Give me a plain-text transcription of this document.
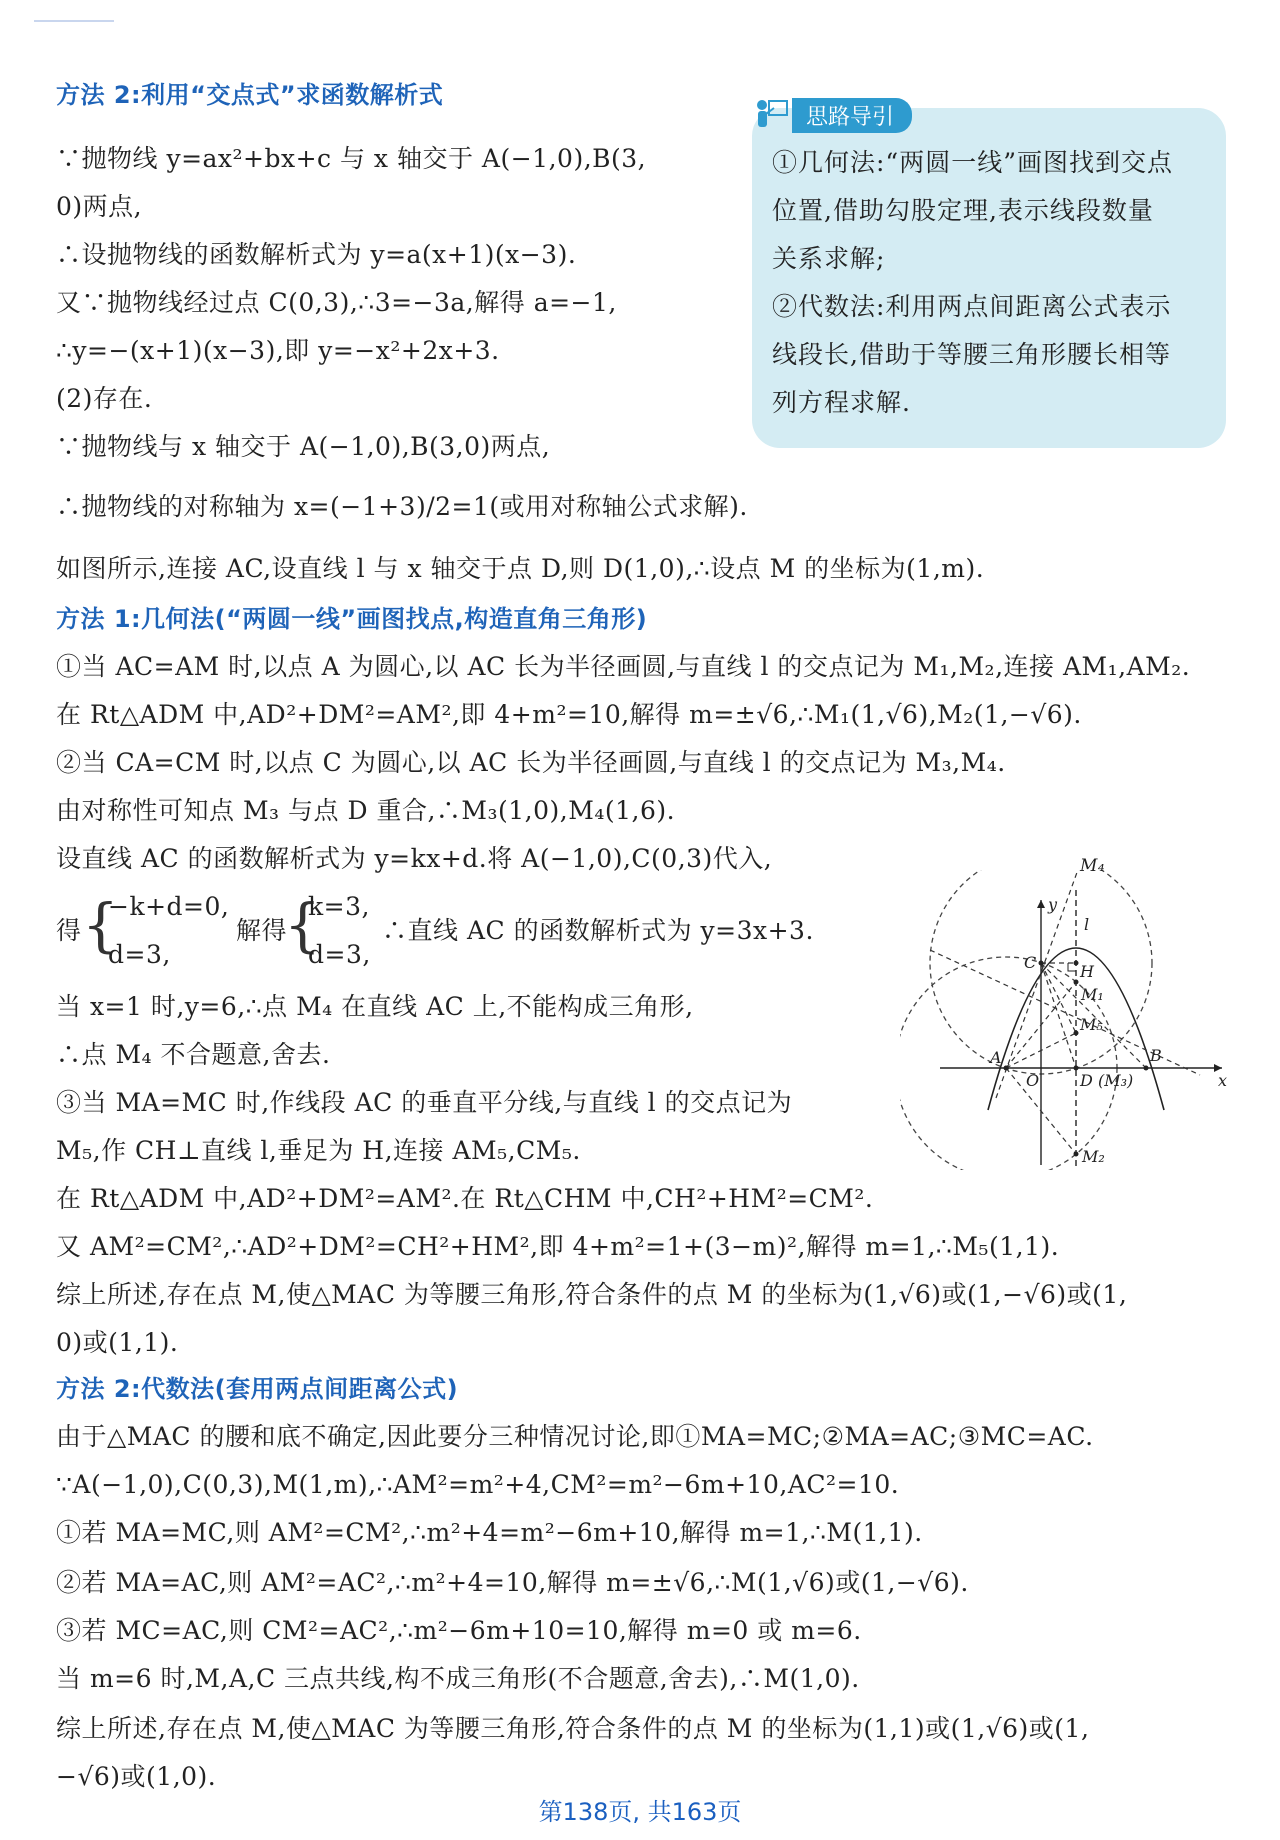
方法 2:利用“交点式”求函数解析式
思路导引
①几何法:“两圆一线”画图找到交点
位置,借助勾股定理,表示线段数量
关系求解;
②代数法:利用两点间距离公式表示
线段长,借助于等腰三角形腰长相等
列方程求解.
∵抛物线 y=ax²+bx+c 与 x 轴交于 A(−1,0),B(3,
0)两点,
∴设抛物线的函数解析式为 y=a(x+1)(x−3).
又∵抛物线经过点 C(0,3),∴3=−3a,解得 a=−1,
∴y=−(x+1)(x−3),即 y=−x²+2x+3.
(2)存在.
∵抛物线与 x 轴交于 A(−1,0),B(3,0)两点,
∴抛物线的对称轴为 x=(−1+3)/2=1(或用对称轴公式求解).
如图所示,连接 AC,设直线 l 与 x 轴交于点 D,则 D(1,0),∴设点 M 的坐标为(1,m).
方法 1:几何法(“两圆一线”画图找点,构造直角三角形)
①当 AC=AM 时,以点 A 为圆心,以 AC 长为半径画圆,与直线 l 的交点记为 M₁,M₂,连接 AM₁,AM₂.
在 Rt△ADM 中,AD²+DM²=AM²,即 4+m²=10,解得 m=±√6,∴M₁(1,√6),M₂(1,−√6).
②当 CA=CM 时,以点 C 为圆心,以 AC 长为半径画圆,与直线 l 的交点记为 M₃,M₄.
由对称性可知点 M₃ 与点 D 重合,∴M₃(1,0),M₄(1,6).
设直线 AC 的函数解析式为 y=kx+d.将 A(−1,0),C(0,3)代入,
得 {
−k+d=0,
d=3,
解得
{
k=3,
d=3,
∴直线 AC 的函数解析式为 y=3x+3.
当 x=1 时,y=6,∴点 M₄ 在直线 AC 上,不能构成三角形,
∴点 M₄ 不合题意,舍去.
③当 MA=MC 时,作线段 AC 的垂直平分线,与直线 l 的交点记为
M₅,作 CH⊥直线 l,垂足为 H,连接 AM₅,CM₅.
在 Rt△ADM 中,AD²+DM²=AM².在 Rt△CHM 中,CH²+HM²=CM².
又 AM²=CM²,∴AD²+DM²=CH²+HM²,即 4+m²=1+(3−m)²,解得 m=1,∴M₅(1,1).
综上所述,存在点 M,使△MAC 为等腰三角形,符合条件的点 M 的坐标为(1,√6)或(1,−√6)或(1,
0)或(1,1).
方法 2:代数法(套用两点间距离公式)
由于△MAC 的腰和底不确定,因此要分三种情况讨论,即①MA=MC;②MA=AC;③MC=AC.
∵A(−1,0),C(0,3),M(1,m),∴AM²=m²+4,CM²=m²−6m+10,AC²=10.
①若 MA=MC,则 AM²=CM²,∴m²+4=m²−6m+10,解得 m=1,∴M(1,1).
②若 MA=AC,则 AM²=AC²,∴m²+4=10,解得 m=±√6,∴M(1,√6)或(1,−√6).
③若 MC=AC,则 CM²=AC²,∴m²−6m+10=10,解得 m=0 或 m=6.
当 m=6 时,M,A,C 三点共线,构不成三角形(不合题意,舍去),∴M(1,0).
综上所述,存在点 M,使△MAC 为等腰三角形,符合条件的点 M 的坐标为(1,1)或(1,√6)或(1,
−√6)或(1,0).
y
x
l
C	H
M₁
M₅
A
O	D (M₃)
B
M₂
M₄
第138页, 共163页
